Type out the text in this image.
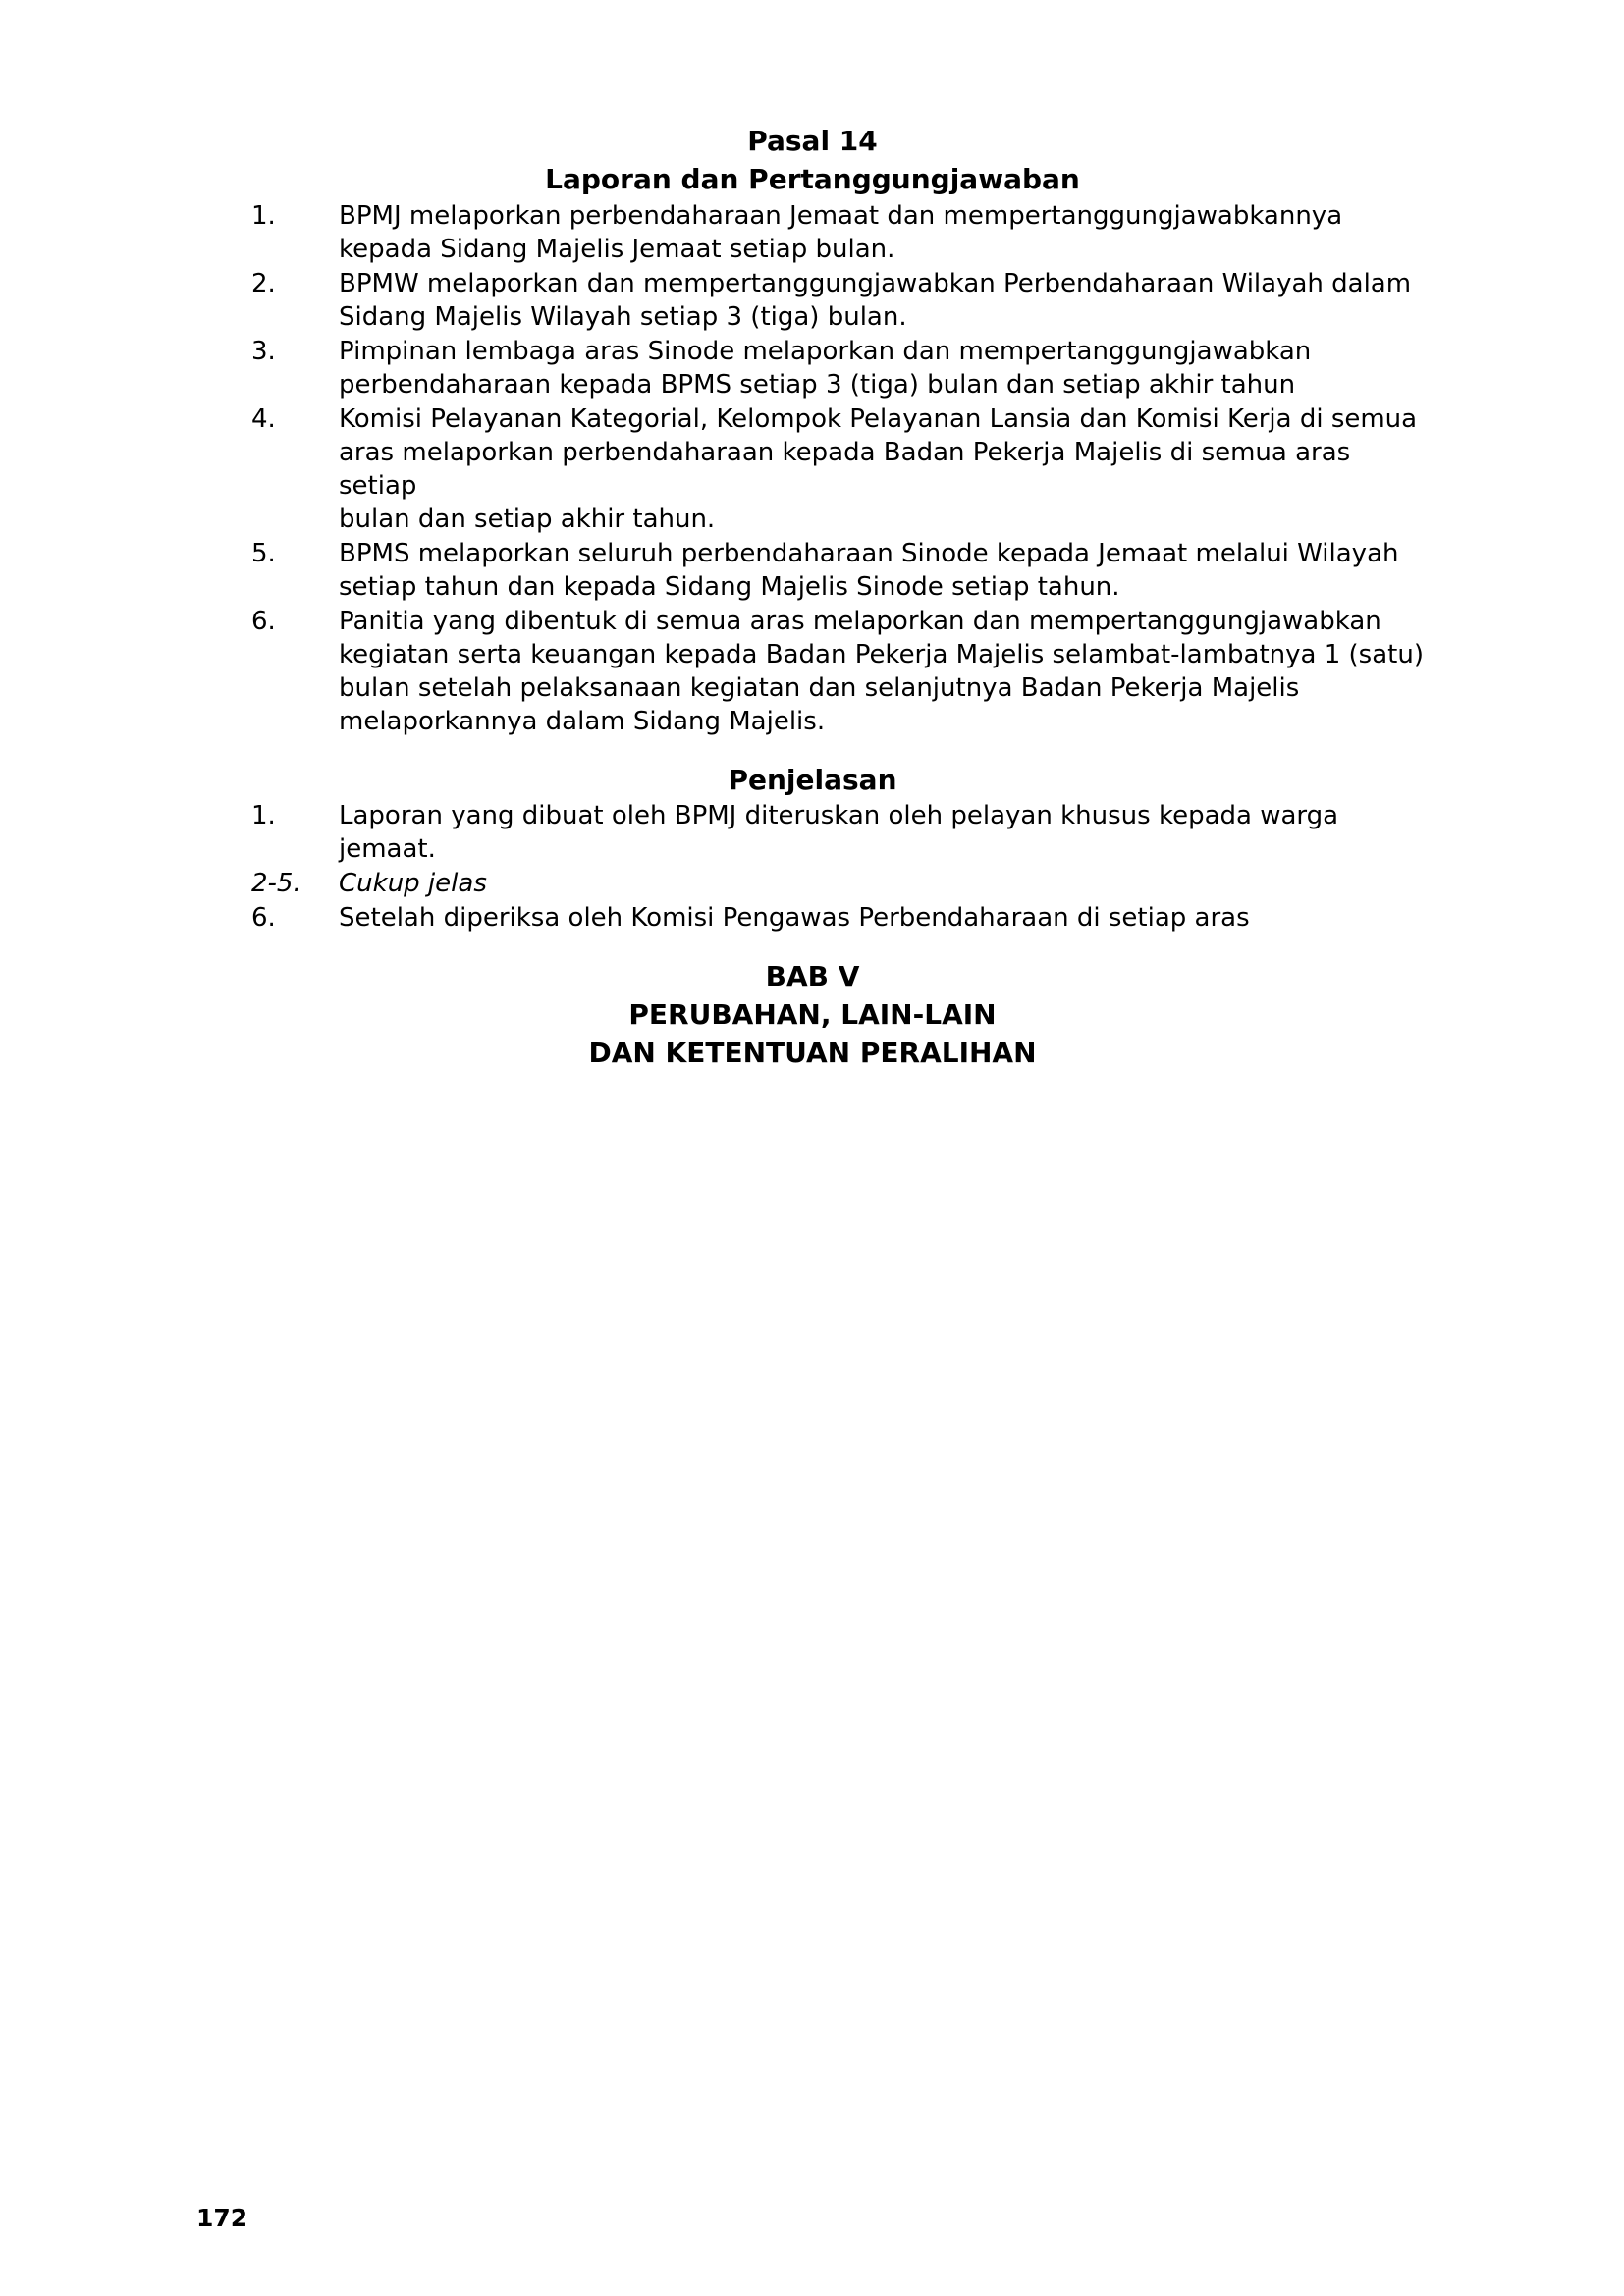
Pasal 14

Laporan dan Pertanggungjawaban

1.	BPMJ melaporkan perbendaharaan Jemaat dan mempertanggungjawabkannya
kepada Sidang Majelis Jemaat setiap bulan.
2.	BPMW melaporkan dan mempertanggungjawabkan Perbendaharaan Wilayah dalam
Sidang Majelis Wilayah setiap 3 (tiga) bulan.
3.	Pimpinan lembaga aras Sinode melaporkan dan mempertanggungjawabkan
perbendaharaan kepada BPMS setiap 3 (tiga) bulan dan setiap akhir tahun
4.	Komisi Pelayanan Kategorial, Kelompok Pelayanan Lansia dan Komisi Kerja di semua
aras melaporkan perbendaharaan kepada Badan Pekerja Majelis di semua aras setiap
bulan dan setiap akhir tahun.
5.	BPMS melaporkan seluruh perbendaharaan Sinode kepada Jemaat melalui Wilayah
setiap tahun dan kepada Sidang Majelis Sinode setiap tahun.
6.	Panitia yang dibentuk di semua aras melaporkan dan mempertanggungjawabkan
kegiatan serta keuangan kepada Badan Pekerja Majelis selambat-lambatnya 1 (satu)
bulan setelah pelaksanaan kegiatan dan selanjutnya Badan Pekerja Majelis
melaporkannya dalam Sidang Majelis.

Penjelasan

1.	Laporan yang dibuat oleh BPMJ diteruskan oleh pelayan khusus kepada warga
jemaat.
2-5.	Cukup jelas
6.	Setelah diperiksa oleh Komisi Pengawas Perbendaharaan di setiap aras

BAB V

PERUBAHAN, LAIN-LAIN

DAN KETENTUAN PERALIHAN

172
